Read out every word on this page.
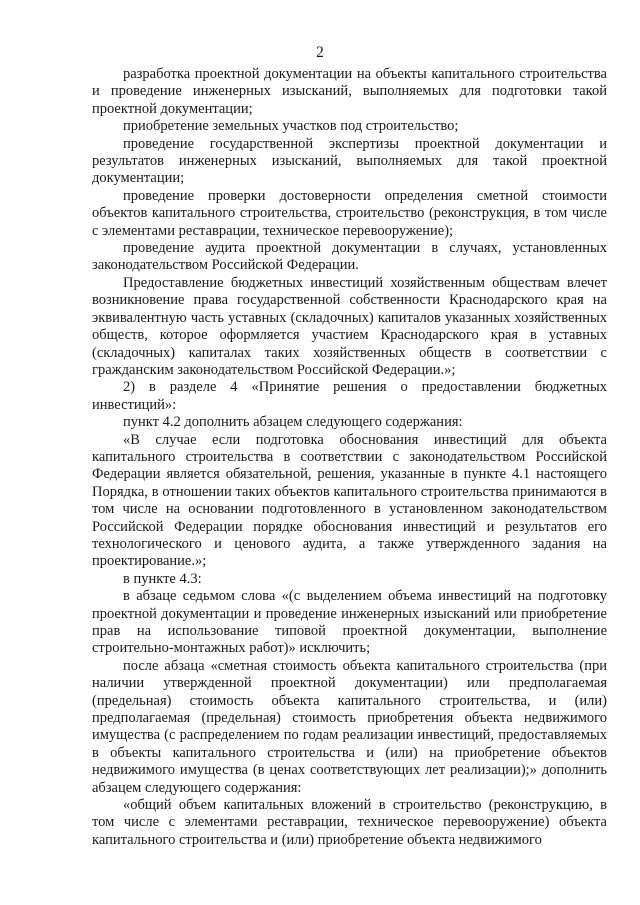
2

разработка проектной документации на объекты капитального строительства и проведение инженерных изысканий, выполняемых для подготовки такой проектной документации;

приобретение земельных участков под строительство;

проведение государственной экспертизы проектной документации и результатов инженерных изысканий, выполняемых для такой проектной документации;

проведение проверки достоверности определения сметной стоимости объектов капитального строительства, строительство (реконструкция, в том числе с элементами реставрации, техническое перевооружение);

проведение аудита проектной документации в случаях, установленных законодательством Российской Федерации.

Предоставление бюджетных инвестиций хозяйственным обществам влечет возникновение права государственной собственности Краснодарского края на эквивалентную часть уставных (складочных) капиталов указанных хозяйственных обществ, которое оформляется участием Краснодарского края в уставных (складочных) капиталах таких хозяйственных обществ в соответствии с гражданским законодательством Российской Федерации.»;

2) в разделе 4 «Принятие решения о предоставлении бюджетных инвестиций»:

пункт 4.2 дополнить абзацем следующего содержания:

«В случае если подготовка обоснования инвестиций для объекта капитального строительства в соответствии с законодательством Российской Федерации является обязательной, решения, указанные в пункте 4.1 настоящего Порядка, в отношении таких объектов капитального строительства принимаются в том числе на основании подготовленного в установленном законодательством Российской Федерации порядке обоснования инвестиций и результатов его технологического и ценового аудита, а также утвержденного задания на проектирование.»;

в пункте 4.3:

в абзаце седьмом слова «(с выделением объема инвестиций на подготовку проектной документации и проведение инженерных изысканий или приобретение прав на использование типовой проектной документации, выполнение строительно-монтажных работ)» исключить;

после абзаца «сметная стоимость объекта капитального строительства (при наличии утвержденной проектной документации) или предполагаемая (предельная) стоимость объекта капитального строительства, и (или) предполагаемая (предельная) стоимость приобретения объекта недвижимого имущества (с распределением по годам реализации инвестиций, предоставляемых в объекты капитального строительства и (или) на приобретение объектов недвижимого имущества (в ценах соответствующих лет реализации);» дополнить абзацем следующего содержания:

«общий объем капитальных вложений в строительство (реконструкцию, в том числе с элементами реставрации, техническое перевооружение) объекта капитального строительства и (или) приобретение объекта недвижимого
